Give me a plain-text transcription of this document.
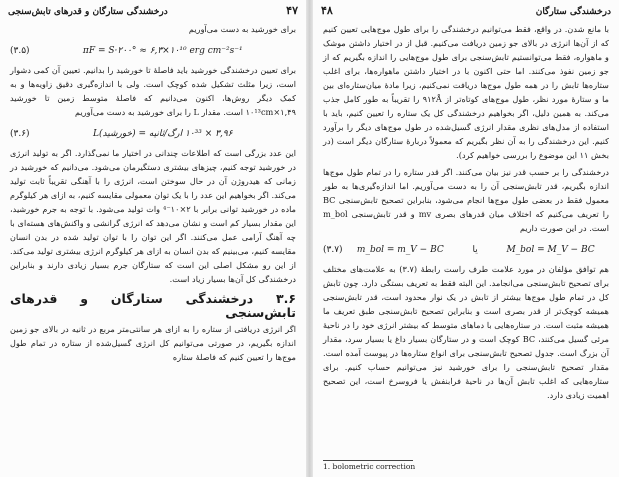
۴۷
درخشندگی ستارگان و قدرهای تابش‌سنجی

برای خورشید به دست می‌آوریم

(۳.۵)	πF = S·۲۰۰° ≈ ۶,۳×۱۰¹⁰ erg cm⁻²s⁻¹

برای تعیین درخشندگی خورشید باید فاصلهٔ تا خورشید را بدانیم. تعیین آن کمی دشوار است، زیرا مثلث تشکیل شده کوچک است. ولی با اندازه‌گیری دقیق زاویه‌ها و به کمک دیگر روش‌ها، اکنون می‌دانیم که فاصلهٔ متوسط زمین تا خورشید ۱,۴۹×۱۰¹³cm است. مقدار L را برای خورشید به دست می‌آوریم

(۳.۶)	L(خورشید) = ۳,۹۶ × ۱۰³³ ارگ/ثانیه

این عدد بزرگی است که اطلاعات چندانی در اختیار ما نمی‌گذارد. اگر به تولید انرژی در خورشید توجه کنیم، چیزهای بیشتری دستگیرمان می‌شود. می‌دانیم که خورشید در زمانی که هیدروژن آن در حال سوختن است، انرژی را با آهنگی تقریباً ثابت تولید می‌کند. اگر بخواهیم این عدد را با یک توان معمولی مقایسه کنیم، به ازای هر کیلوگرم ماده در خورشید توانی برابر با ۲×۱۰⁻⁴ وات تولید می‌شود. با توجه به جرم خورشید، این مقدار بسیار کم است و نشان می‌دهد که انرژی گرانشی و واکنش‌های هسته‌ای با چه آهنگ آرامی عمل می‌کنند. اگر این توان را با توان تولید شده در بدن انسان مقایسه کنیم، می‌بینیم که بدن انسان به ازای هر کیلوگرم انرژی بیشتری تولید می‌کند. از این رو مشکل اصلی این است که ستارگان جرم بسیار زیادی دارند و بنابراین درخشندگی کل آن‌ها بسیار زیاد است.

۳.۶ درخشندگی ستارگان و قدرهای تابش‌سنجی

اگر انرژی دریافتی از ستاره را به ازای هر سانتی‌متر مربع در ثانیه در بالای جو زمین اندازه بگیریم، در صورتی می‌توانیم کل انرژی گسیل‌شده از ستاره در تمام طول موج‌ها را تعیین کنیم که فاصلهٔ ستاره

درخشندگی ستارگان
۴۸

با مانع شدن. در واقع، فقط می‌توانیم درخشندگی را برای طول موج‌هایی تعیین کنیم که از آن‌ها انرژی در بالای جو زمین دریافت می‌کنیم. قبل از در اختیار داشتن موشک و ماهواره، فقط می‌توانستیم تابش‌سنجی برای طول موج‌هایی را اندازه بگیریم که از جو زمین نفوذ می‌کنند. اما حتی اکنون با در اختیار داشتن ماهواره‌ها، برای اغلب ستاره‌ها تابش را در همه طول موج‌ها دریافت نمی‌کنیم، زیرا مادهٔ میان‌ستاره‌ای بین ما و ستارهٔ مورد نظر، طول موج‌های کوتاه‌تر از ۹۱۲Å را تقریباً به طور کامل جذب می‌کند. به همین دلیل، اگر بخواهیم درخشندگی کل یک ستاره را تعیین کنیم، باید با استفاده از مدل‌های نظری مقدار انرژی گسیل‌شده در طول موج‌های دیگر را برآورد کنیم. این درخشندگی را به آن نظر بگیریم که معمولاً دربارهٔ ستارگان دیگر است (در بخش ۱۱ این موضوع را بررسی خواهیم کرد).

درخشندگی را بر حسب قدر نیز بیان می‌کنند. اگر قدر ستاره را در تمام طول موج‌ها اندازه بگیریم، قدر تابش‌سنجی آن را به دست می‌آوریم. اما اندازه‌گیری‌ها به طور معمول فقط در بعضی طول موج‌ها انجام می‌شود، بنابراین تصحیح تابش‌سنجی BC را تعریف می‌کنیم که اختلاف میان قدرهای بصری mv و قدر تابش‌سنجی m_bol است. در این صورت داریم

(۳.۷) m_bol = m_V − BC	یا	M_bol = M_V − BC

هم توافق مؤلفان در مورد علامت طرف راست رابطهٔ (۳.۷) به علامت‌های مختلف برای تصحیح تابش‌سنجی می‌انجامد. این البته فقط به تعریف بستگی دارد. چون تابش کل در تمام طول موج‌ها بیشتر از تابش در یک نوار محدود است، قدر تابش‌سنجی همیشه کوچک‌تر از قدر بصری است و بنابراین تصحیح تابش‌سنجی طبق تعریف ما همیشه مثبت است. در ستاره‌هایی با دماهای متوسط که بیشتر انرژی خود را در ناحیهٔ مرئی گسیل می‌کنند، BC کوچک است و در ستارگان بسیار داغ یا بسیار سرد، مقدار آن بزرگ است. جدول تصحیح تابش‌سنجی برای انواع ستاره‌ها در پیوست آمده است. مقدار تصحیح تابش‌سنجی را برای خورشید نیز می‌توانیم حساب کنیم. برای ستاره‌هایی که اغلب تابش آن‌ها در ناحیهٔ فرابنفش یا فروسرخ است، این تصحیح اهمیت زیادی دارد.

1. bolometric correction
